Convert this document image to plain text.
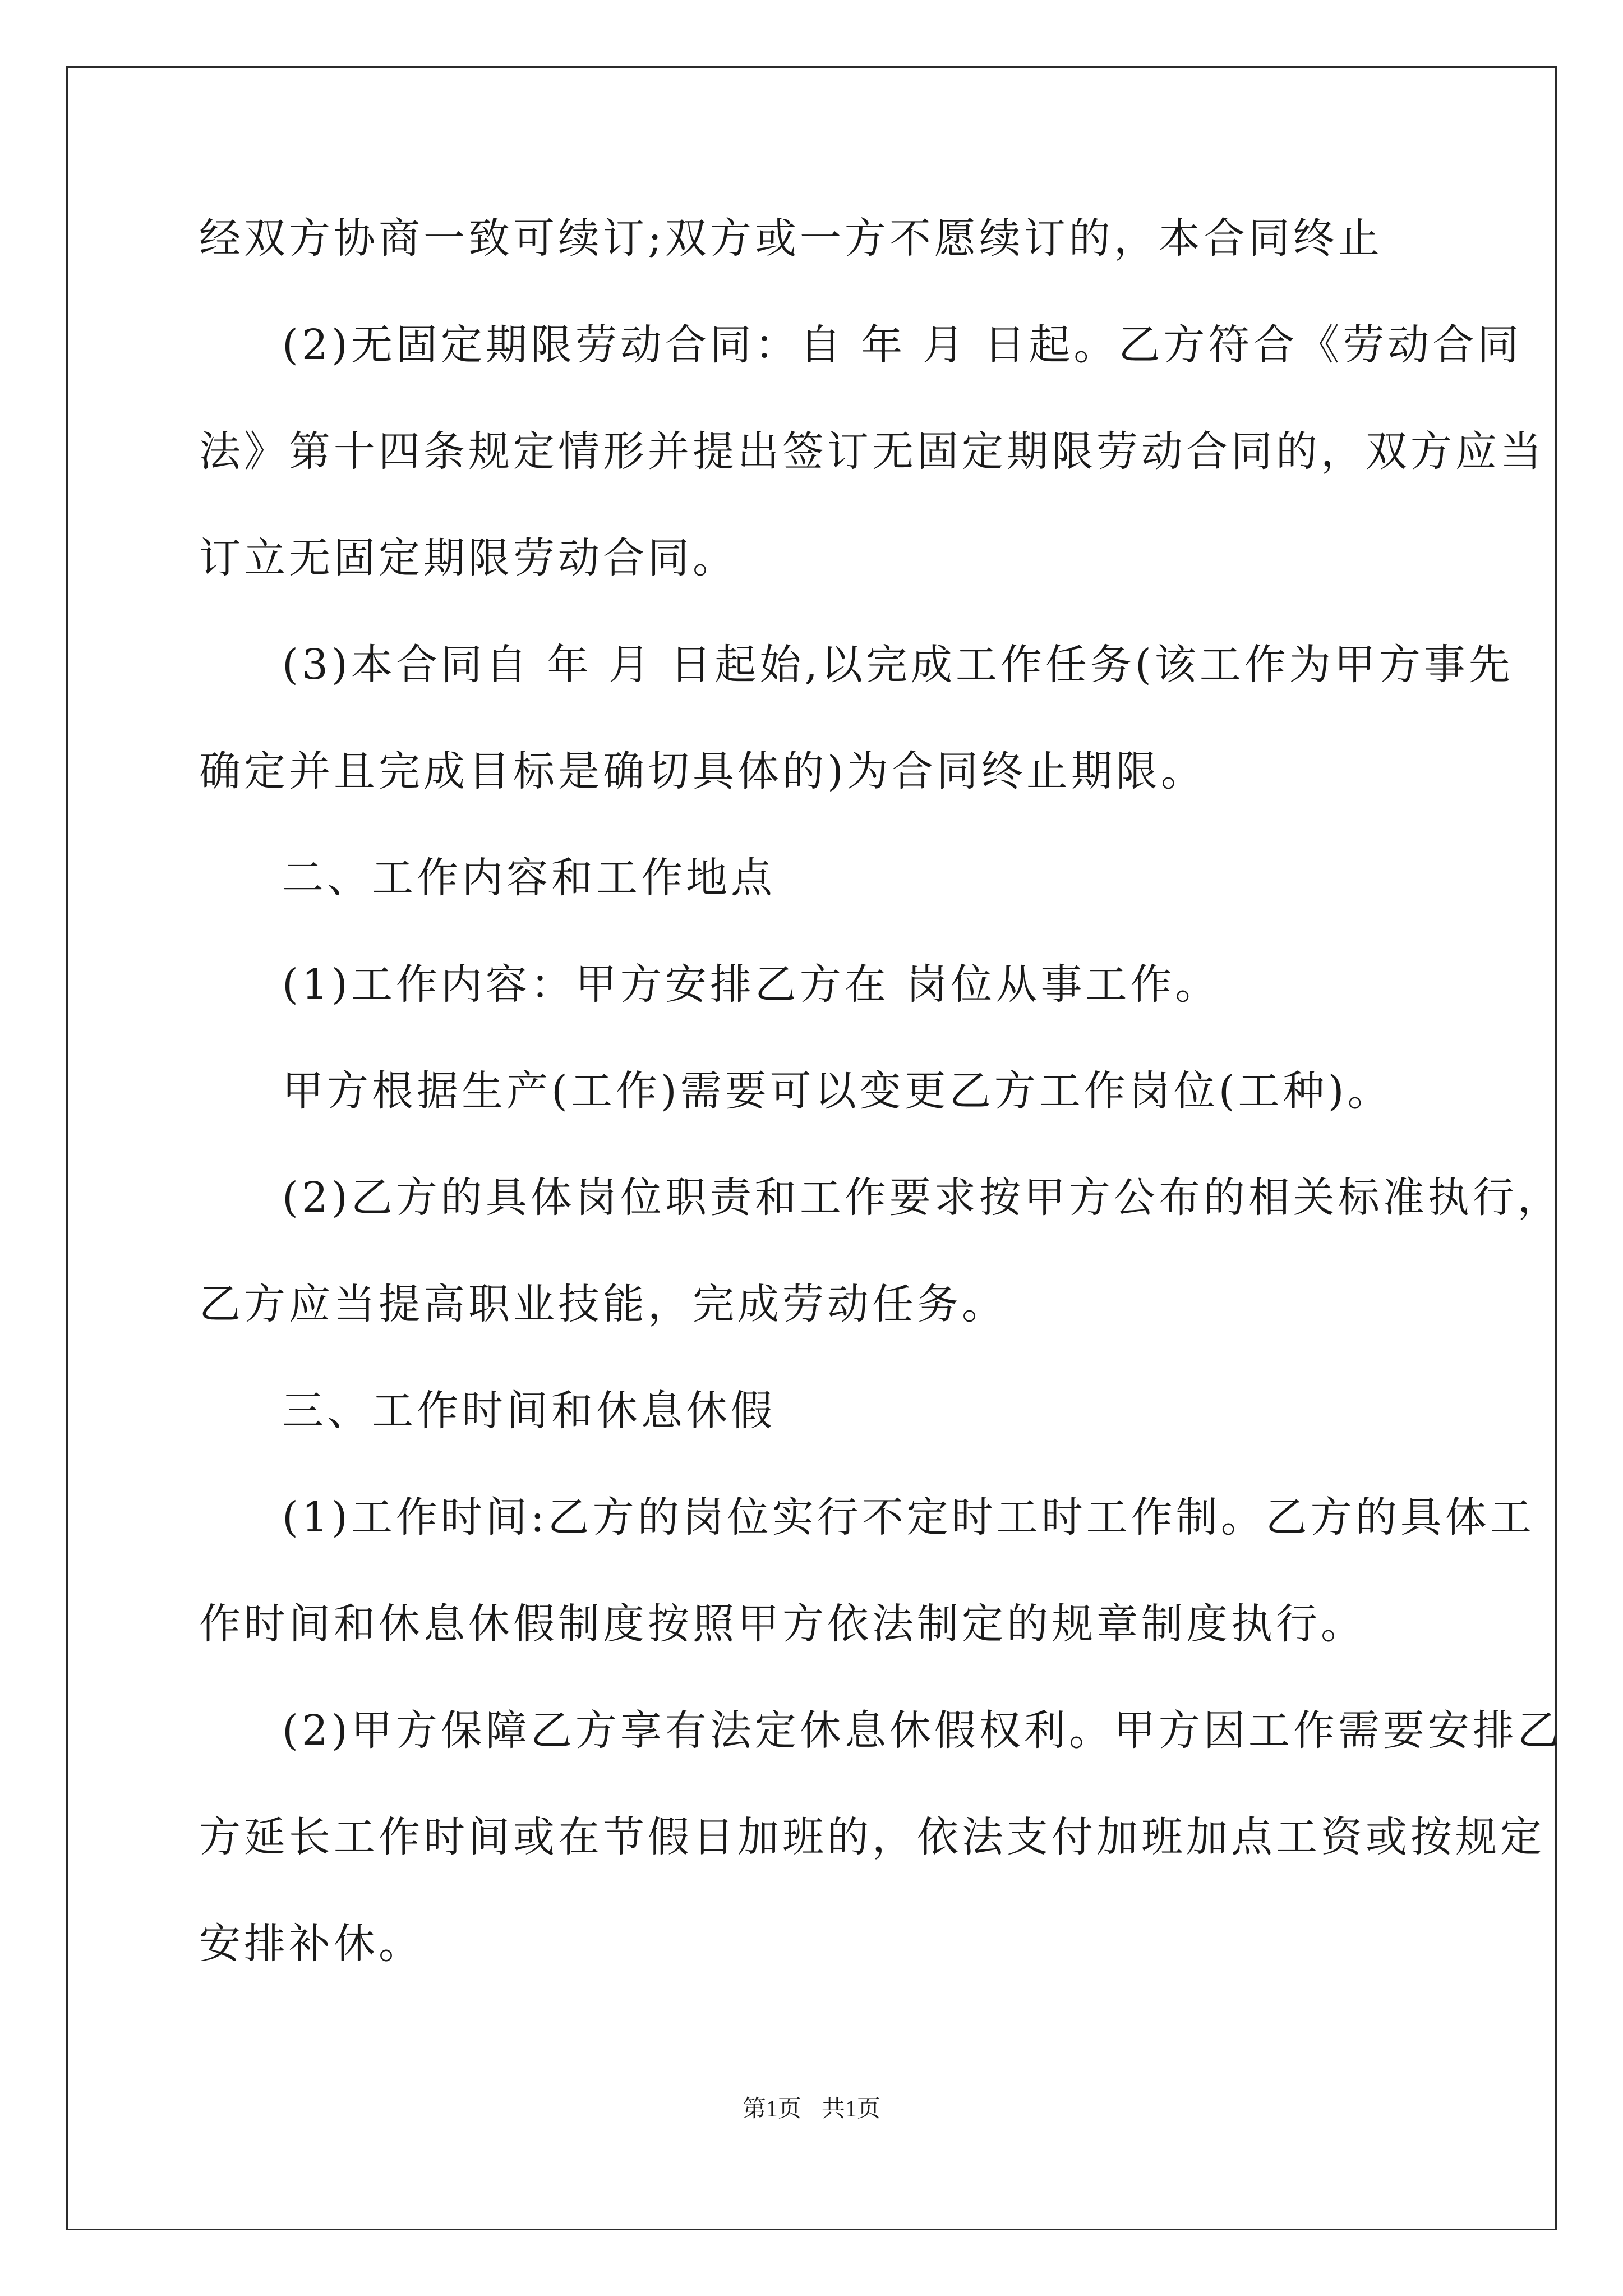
经双方协商一致可续订;双方或一方不愿续订的，本合同终止
(2)无固定期限劳动合同：自 年 月 日起。乙方符合《劳动合同
法》第十四条规定情形并提出签订无固定期限劳动合同的，双方应当
订立无固定期限劳动合同。
(3)本合同自 年 月 日起始,以完成工作任务(该工作为甲方事先
确定并且完成目标是确切具体的)为合同终止期限。
二、工作内容和工作地点
(1)工作内容：甲方安排乙方在 岗位从事工作。
甲方根据生产(工作)需要可以变更乙方工作岗位(工种)。
(2)乙方的具体岗位职责和工作要求按甲方公布的相关标准执行，
乙方应当提高职业技能，完成劳动任务。
三、工作时间和休息休假
(1)工作时间:乙方的岗位实行不定时工时工作制。乙方的具体工
作时间和休息休假制度按照甲方依法制定的规章制度执行。
(2)甲方保障乙方享有法定休息休假权利。甲方因工作需要安排乙
方延长工作时间或在节假日加班的，依法支付加班加点工资或按规定
安排补休。
第1页 共1页
